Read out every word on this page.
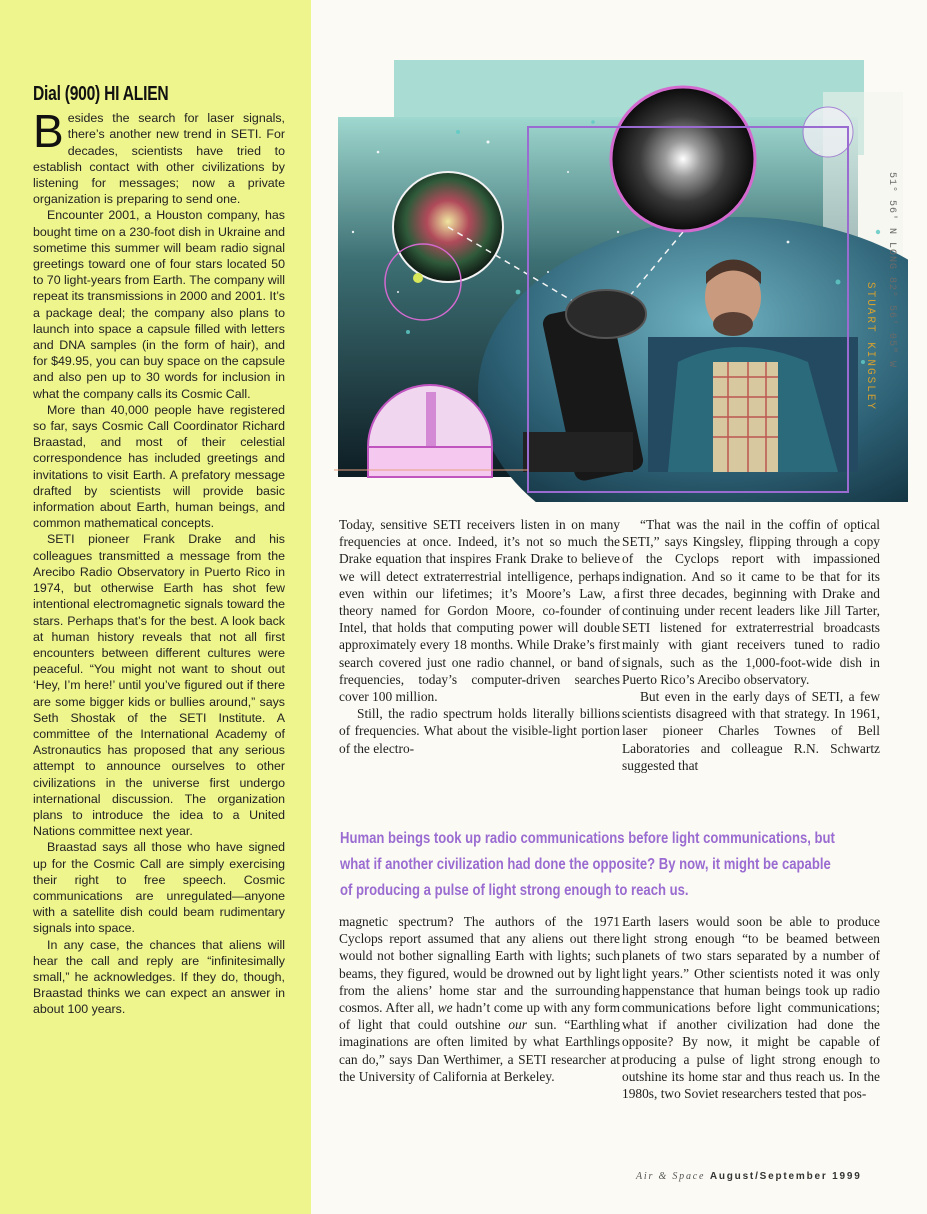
Dial (900) HI ALIEN

Besides the search for laser signals, there’s another new trend in SETI. For decades, scientists have tried to establish contact with other civilizations by listening for messages; now a private organization is preparing to send one.

Encounter 2001, a Houston company, has bought time on a 230-foot dish in Ukraine and sometime this summer will beam radio signal greetings toward one of four stars located 50 to 70 light-years from Earth. The company will repeat its transmissions in 2000 and 2001. It’s a package deal; the company also plans to launch into space a capsule filled with letters and DNA samples (in the form of hair), and for $49.95, you can buy space on the capsule and also pen up to 30 words for inclusion in what the company calls its Cosmic Call.

More than 40,000 people have registered so far, says Cosmic Call Coordinator Richard Braastad, and most of their celestial correspondence has included greetings and invitations to visit Earth. A prefatory message drafted by scientists will provide basic information about Earth, human beings, and common mathematical concepts.

SETI pioneer Frank Drake and his colleagues transmitted a message from the Arecibo Radio Observatory in Puerto Rico in 1974, but otherwise Earth has shot few intentional electromagnetic signals toward the stars. Perhaps that’s for the best. A look back at human history reveals that not all first encounters between different cultures were peaceful. “You might not want to shout out ‘Hey, I’m here!’ until you’ve figured out if there are some bigger kids or bullies around,” says Seth Shostak of the SETI Institute. A committee of the International Academy of Astronautics has proposed that any serious attempt to announce ourselves to other civilizations in the universe first undergo international discussion. The organization plans to introduce the idea to a United Nations committee next year.

Braastad says all those who have signed up for the Cosmic Call are simply exercising their right to free speech. Cosmic communications are unregulated—anyone with a satellite dish could beam rudimentary signals into space.

In any case, the chances that aliens will hear the call and reply are “infinitesimally small,” he acknowledges. If they do, though, Braastad thinks we can expect an answer in about 100 years.

STUART KINGSLEY 51° 56' N LONG 82° 56' 05" W

Today, sensitive SETI receivers listen in on many frequencies at once. Indeed, it’s not so much the Drake equation that inspires Frank Drake to believe we will detect extraterrestrial intelligence, perhaps even within our lifetimes; it’s Moore’s Law, a theory named for Gordon Moore, co-founder of Intel, that holds that computing power will double approximately every 18 months. While Drake’s first search covered just one radio channel, or band of frequencies, today’s computer-driven searches cover 100 million.

Still, the radio spectrum holds literally billions of frequencies. What about the visible-light portion of the electro-

“That was the nail in the coffin of optical SETI,” says Kingsley, flipping through a copy of the Cyclops report with impassioned indignation. And so it came to be that for its first three decades, beginning with Drake and continuing under recent leaders like Jill Tarter, SETI listened for extraterrestrial broadcasts mainly with giant receivers tuned to radio signals, such as the 1,000-foot-wide dish in Puerto Rico’s Arecibo observatory.

But even in the early days of SETI, a few scientists disagreed with that strategy. In 1961, laser pioneer Charles Townes of Bell Laboratories and colleague R.N. Schwartz suggested that

Human beings took up radio communications before light communications, but
what if another civilization had done the opposite? By now, it might be capable
of producing a pulse of light strong enough to reach us.

magnetic spectrum? The authors of the 1971 Cyclops report assumed that any aliens out there would not bother signalling Earth with lights; such beams, they figured, would be drowned out by light from the aliens’ home star and the surrounding cosmos. After all, we hadn’t come up with any form of light that could outshine our sun. “Earthling imaginations are often limited by what Earthlings can do,” says Dan Werthimer, a SETI researcher at the University of California at Berkeley.

Earth lasers would soon be able to produce light strong enough “to be beamed between planets of two stars separated by a number of light years.” Other scientists noted it was only happenstance that human beings took up radio communications before light communications; what if another civilization had done the opposite? By now, it might be capable of producing a pulse of light strong enough to outshine its home star and thus reach us. In the 1980s, two Soviet researchers tested that pos-

Air & Space August/September 1999
